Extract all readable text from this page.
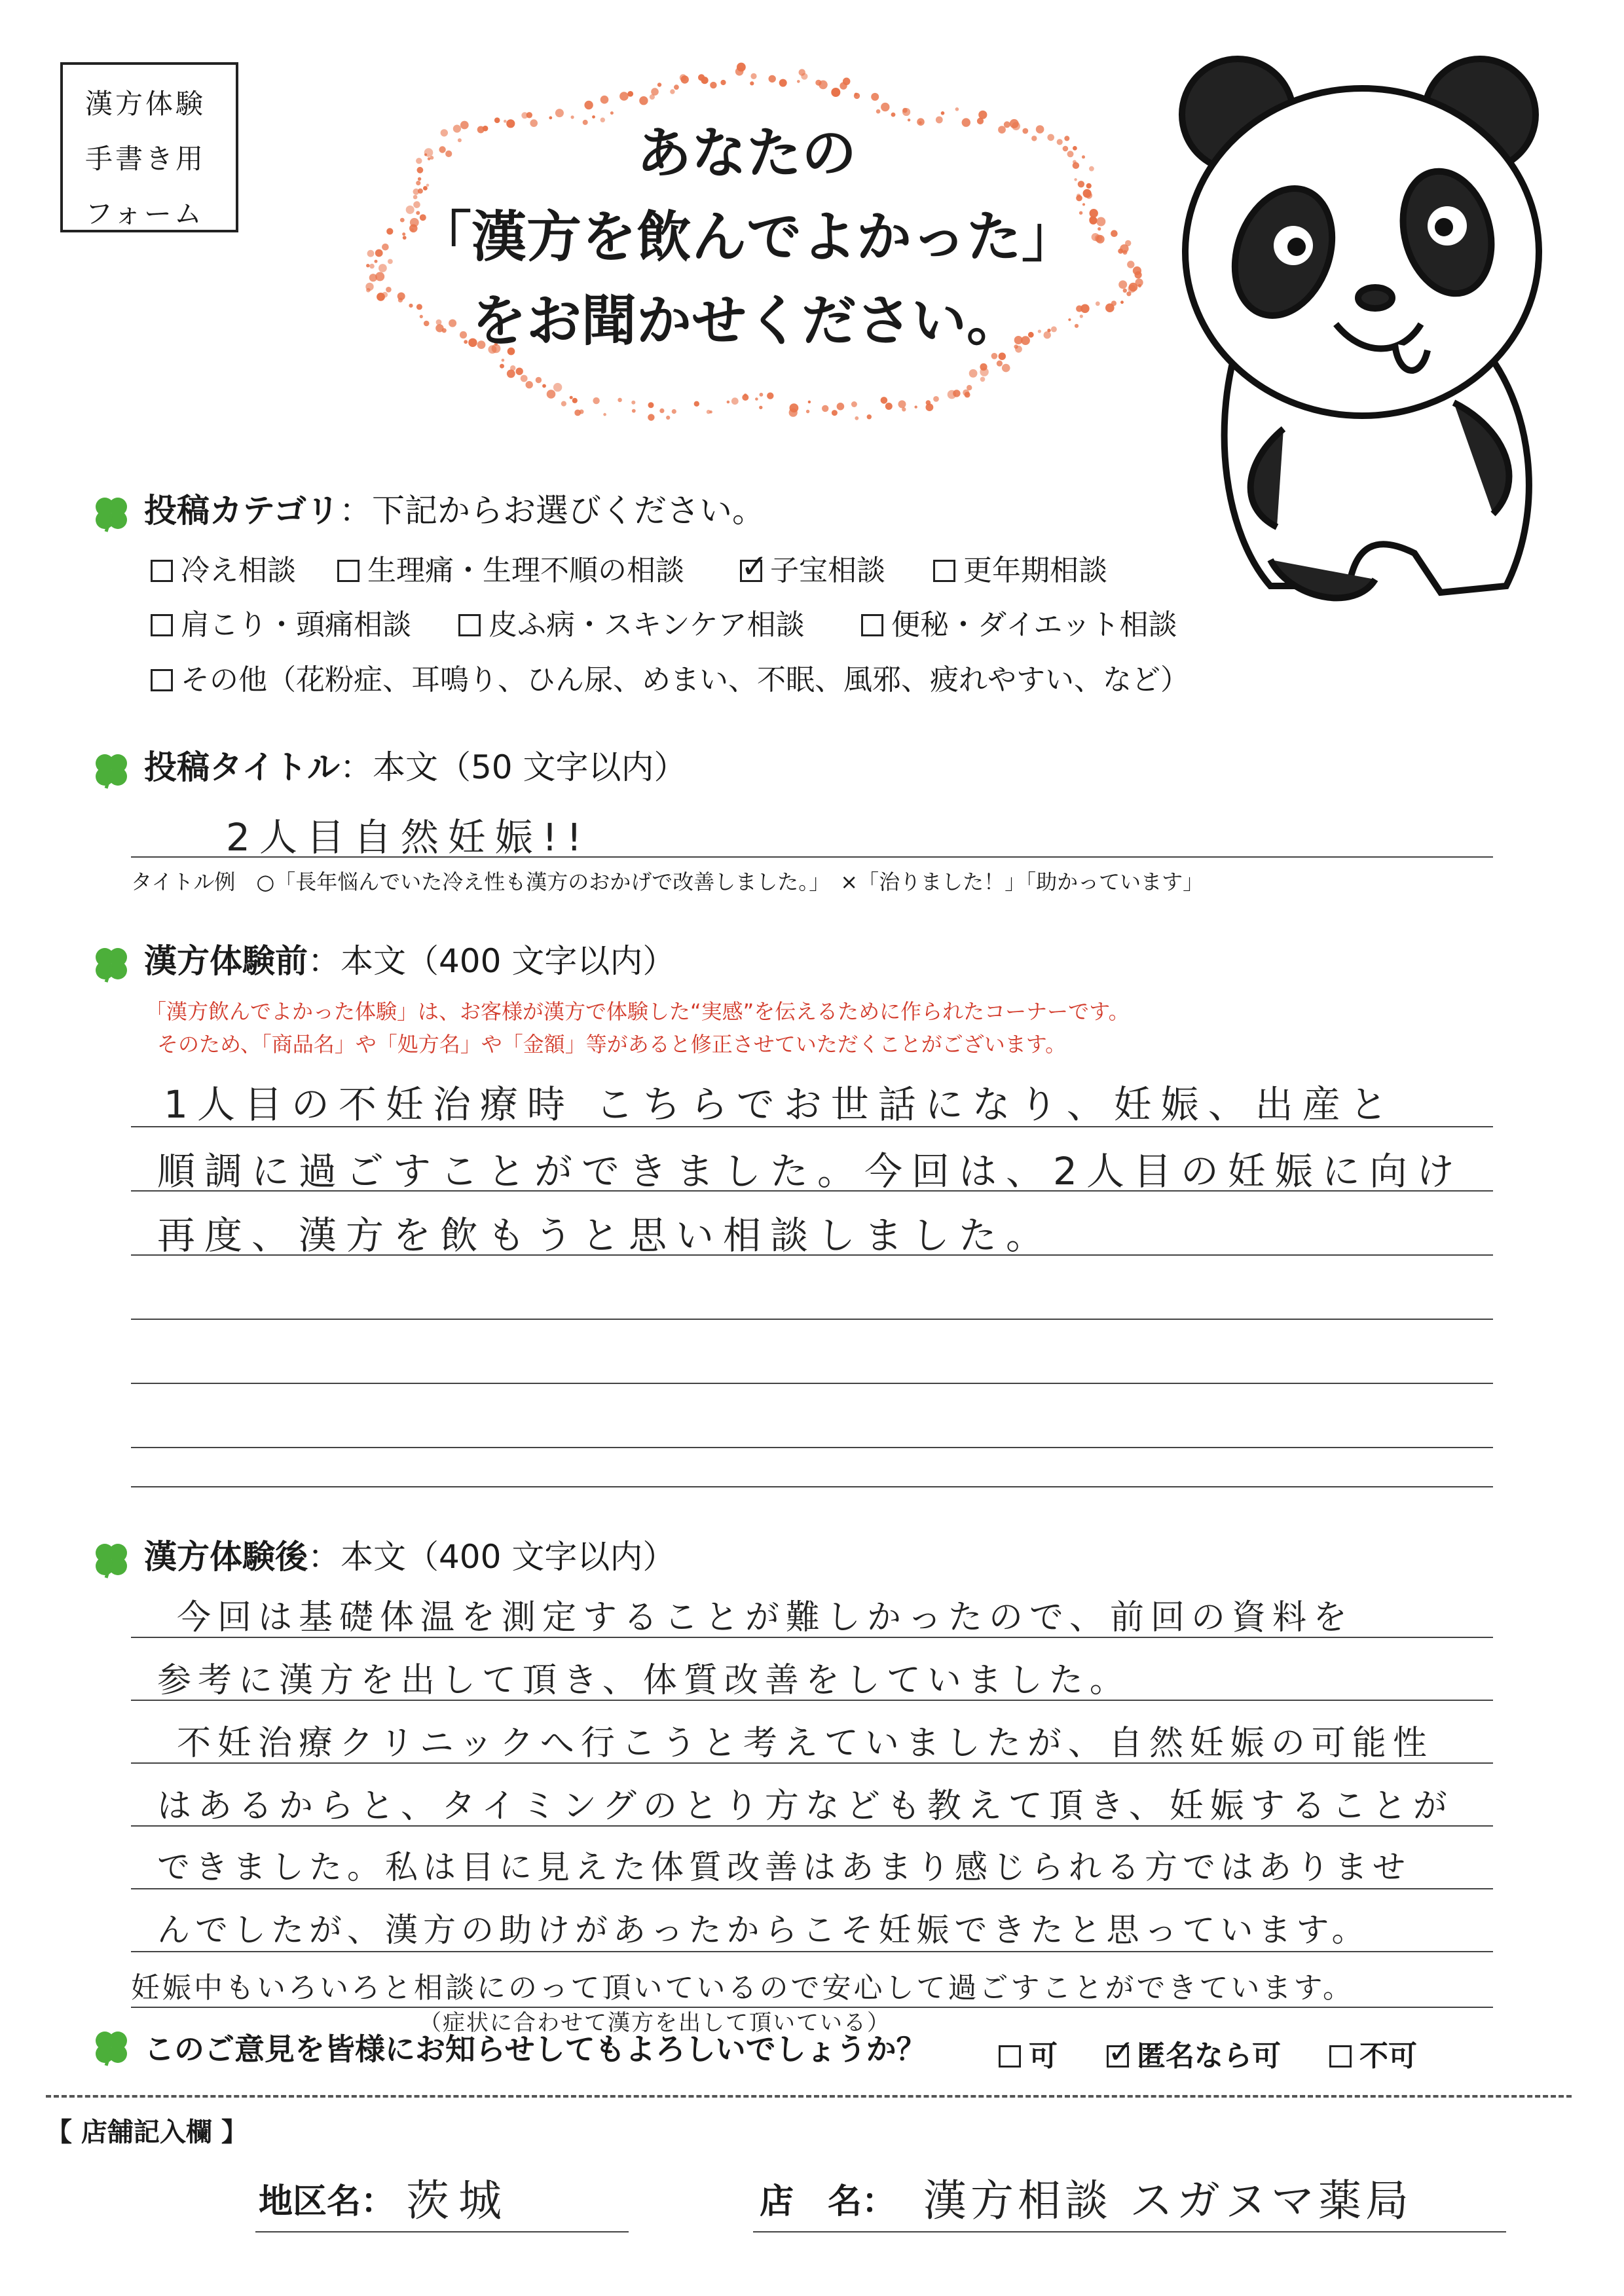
漢方体験
手書き用
フォーム
あなたの
「漢方を飲んでよかった」
をお聞かせください。
投稿カテゴリ：下記からお選びください。
冷え相談	生理痛・生理不順の相談 ✓ 子宝相談	更年期相談
肩こり・頭痛相談	皮ふ病・スキンケア相談	便秘・ダイエット相談
その他（花粉症、耳鳴り、ひん尿、めまい、不眠、風邪、疲れやすい、など）
投稿タイトル：本文（50 文字以内）
2人目自然妊娠!!
タイトル例　○「長年悩んでいた冷え性も漢方のおかげで改善しました。」　×「治りました！」「助かっています」
漢方体験前：本文（400 文字以内）
「漢方飲んでよかった体験」は、お客様が漢方で体験した“実感”を伝えるために作られたコーナーです。
そのため、「商品名」や「処方名」や「金額」等があると修正させていただくことがございます。
1人目の不妊治療時 こちらでお世話になり、妊娠、出産と
順調に過ごすことができました。今回は、2人目の妊娠に向け
再度、漢方を飲もうと思い相談しました。
漢方体験後：本文（400 文字以内）
今回は基礎体温を測定することが難しかったので、前回の資料を
参考に漢方を出して頂き、体質改善をしていました。
不妊治療クリニックへ行こうと考えていましたが、自然妊娠の可能性
はあるからと、タイミングのとり方なども教えて頂き、妊娠することが
できました。私は目に見えた体質改善はあまり感じられる方ではありませ
んでしたが、漢方の助けがあったからこそ妊娠できたと思っています。
妊娠中もいろいろと相談にのって頂いているので安心して過ごすことができています。
（症状に合わせて漢方を出して頂いている）
このご意見を皆様にお知らせしてもよろしいでしょうか？	可 ✓ 匿名なら可	不可
【 店舗記入欄 】
地区名： 茨城	店　名： 漢方相談 スガヌマ薬局
